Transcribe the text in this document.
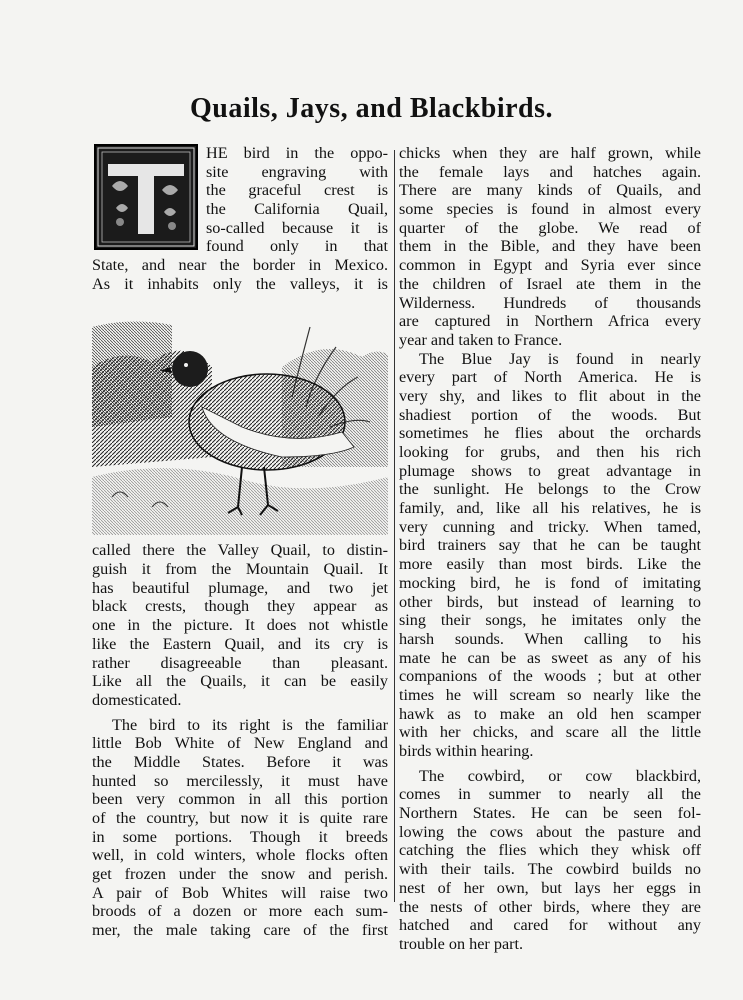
Quails, Jays, and Blackbirds.
T
HE bird in the oppo-
site engraving with
the graceful crest is
the California Quail,
so-called because it is
found only in that
State, and near the border in Mexico.
As it inhabits only the valleys, it is
called there the Valley Quail, to distin-
guish it from the Mountain Quail. It
has beautiful plumage, and two jet
black crests, though they appear as
one in the picture. It does not whistle
like the Eastern Quail, and its cry is
rather disagreeable than pleasant.
Like all the Quails, it can be easily
domesticated.
The bird to its right is the familiar
little Bob White of New England and
the Middle States. Before it was
hunted so mercilessly, it must have
been very common in all this portion
of the country, but now it is quite rare
in some portions. Though it breeds
well, in cold winters, whole flocks often
get frozen under the snow and perish.
A pair of Bob Whites will raise two
broods of a dozen or more each sum-
mer, the male taking care of the first
chicks when they are half grown, while
the female lays and hatches again.
There are many kinds of Quails, and
some species is found in almost every
quarter of the globe. We read of
them in the Bible, and they have been
common in Egypt and Syria ever since
the children of Israel ate them in the
Wilderness. Hundreds of thousands
are captured in Northern Africa every
year and taken to France.
The Blue Jay is found in nearly
every part of North America. He is
very shy, and likes to flit about in the
shadiest portion of the woods. But
sometimes he flies about the orchards
looking for grubs, and then his rich
plumage shows to great advantage in
the sunlight. He belongs to the Crow
family, and, like all his relatives, he is
very cunning and tricky. When tamed,
bird trainers say that he can be taught
more easily than most birds. Like the
mocking bird, he is fond of imitating
other birds, but instead of learning to
sing their songs, he imitates only the
harsh sounds. When calling to his
mate he can be as sweet as any of his
companions of the woods ; but at other
times he will scream so nearly like the
hawk as to make an old hen scamper
with her chicks, and scare all the little
birds within hearing.
The cowbird, or cow blackbird,
comes in summer to nearly all the
Northern States. He can be seen fol-
lowing the cows about the pasture and
catching the flies which they whisk off
with their tails. The cowbird builds no
nest of her own, but lays her eggs in
the nests of other birds, where they are
hatched and cared for without any
trouble on her part.
